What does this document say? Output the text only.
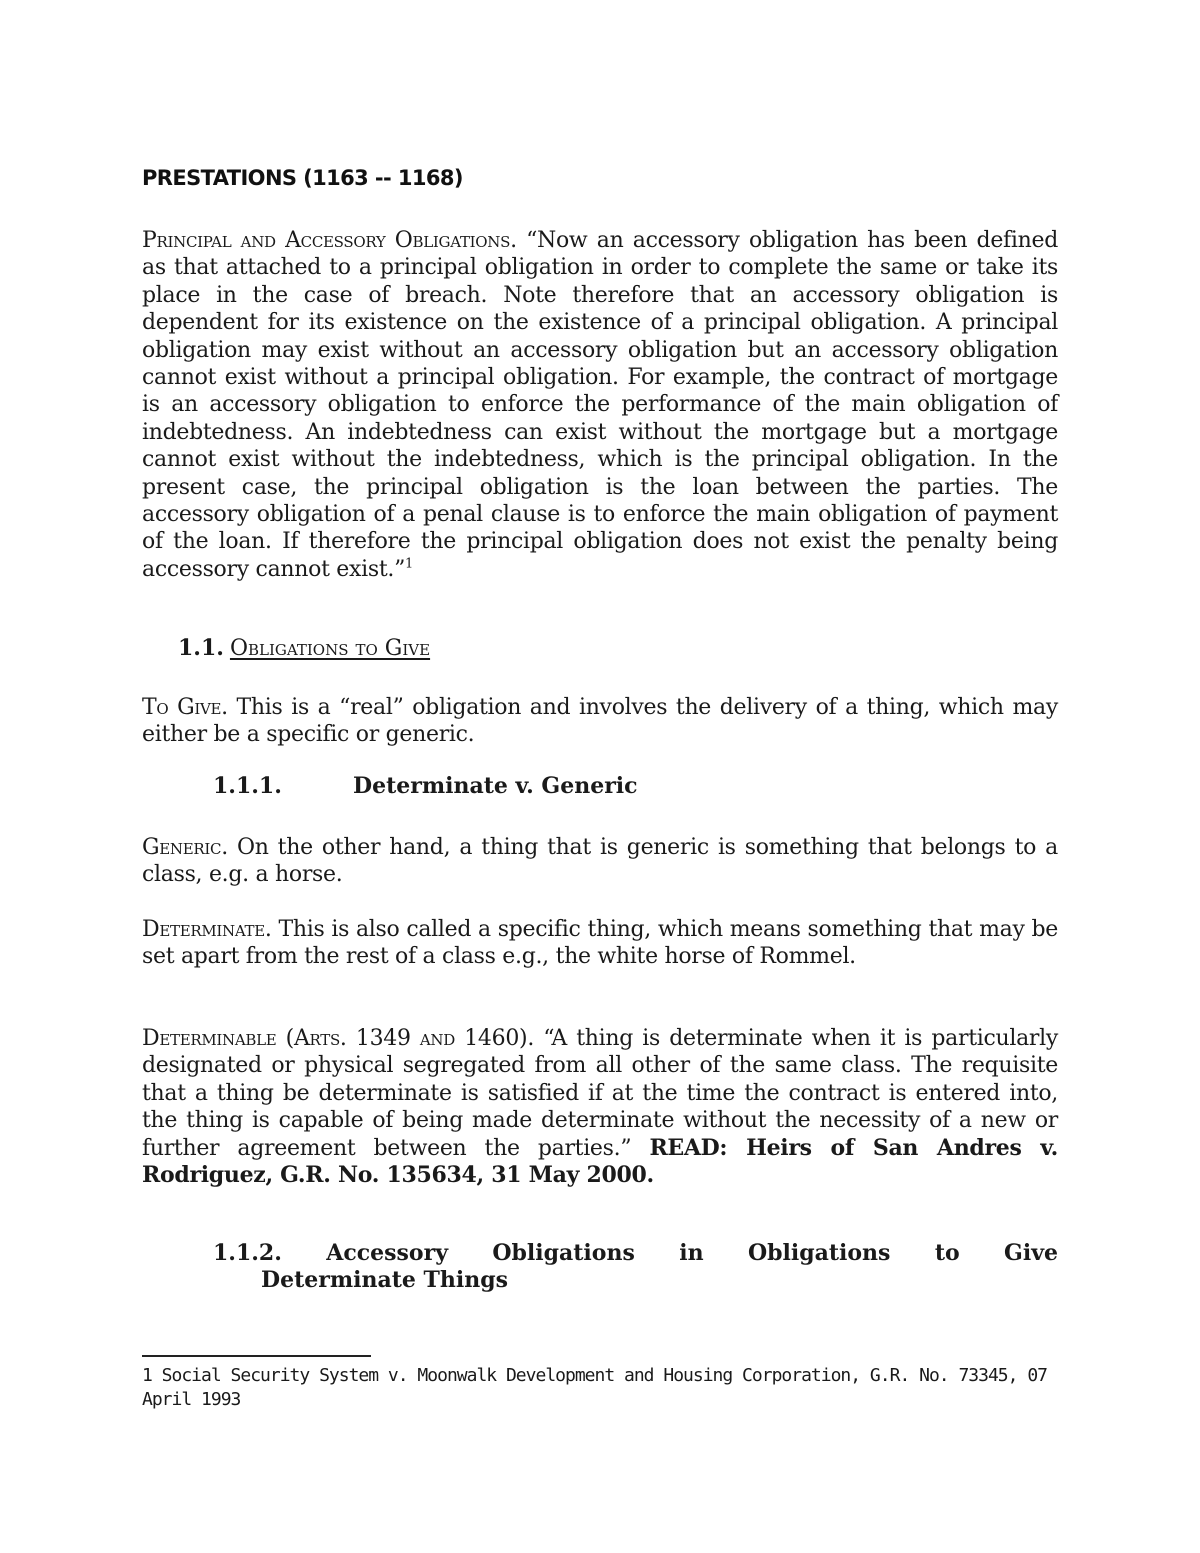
PRESTATIONS (1163 -- 1168)

Principal and Accessory Obligations. “Now an accessory obligation has been defined as that attached to a principal obligation in order to complete the same or take its place in the case of breach. Note therefore that an accessory obligation is dependent for its existence on the existence of a principal obligation. A principal obligation may exist without an accessory obligation but an accessory obligation cannot exist without a principal obligation. For example, the contract of mortgage is an accessory obligation to enforce the performance of the main obligation of indebtedness. An indebtedness can exist without the mortgage but a mortgage cannot exist without the indebtedness, which is the principal obligation. In the present case, the principal obligation is the loan between the parties. The accessory obligation of a penal clause is to enforce the main obligation of payment of the loan. If therefore the principal obligation does not exist the penalty being accessory cannot exist.”$^1$

1.1. Obligations to Give

To Give. This is a “real” obligation and involves the delivery of a thing, which may either be a specific or generic.

1.1.1.	Determinate v. Generic

Generic. On the other hand, a thing that is generic is something that belongs to a class, e.g. a horse.

Determinate. This is also called a specific thing, which means something that may be set apart from the rest of a class e.g., the white horse of Rommel.

Determinable (Arts. 1349 and 1460). “A thing is determinate when it is particularly designated or physical segregated from all other of the same class. The requisite that a thing be determinate is satisfied if at the time the contract is entered into, the thing is capable of being made determinate without the necessity of a new or further agreement between the parties.” READ: Heirs of San Andres v. Rodriguez, G.R. No. 135634, 31 May 2000.

1.1.2. Accessory Obligations in Obligations to Give
Determinate Things

1 Social Security System v. Moonwalk Development and Housing Corporation, G.R. No. 73345, 07 April 1993
